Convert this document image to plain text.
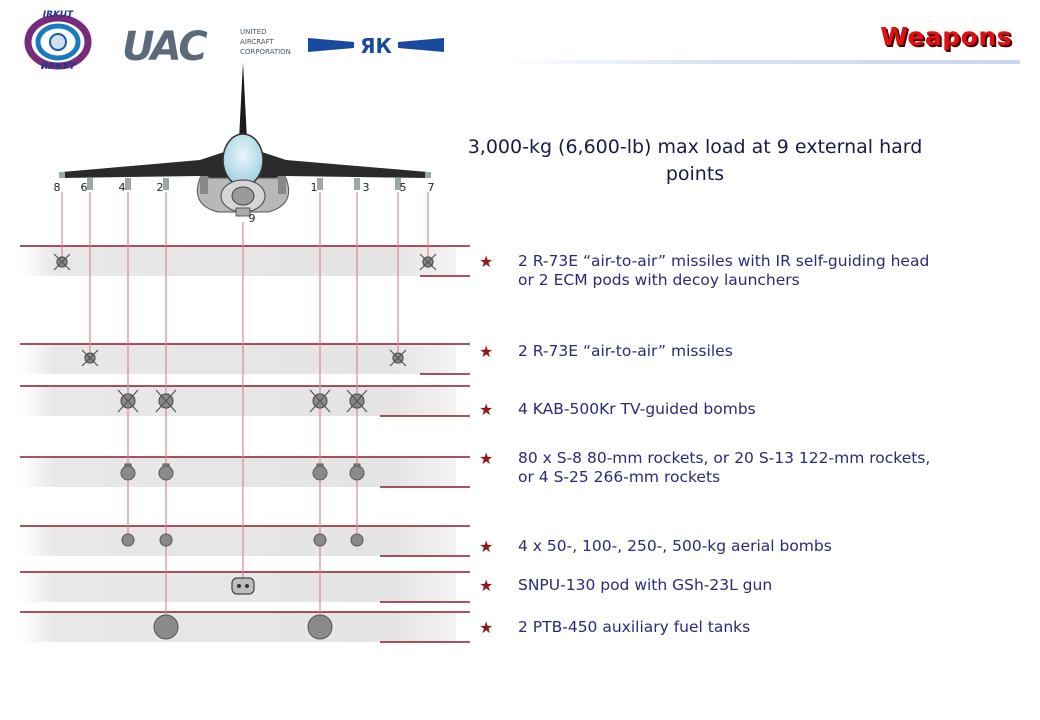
IRKUT
ИРКУТ UAC	UNITED
AIRCRAFT
CORPORATION	ЯК	Weapons
3,000-kg (6,600-lb) max load at 9 external hard
points
8 6	4	2	1	3	5 7
9
★ 2 R-73E “air-to-air” missiles with IR self-guiding head
or 2 ECM pods with decoy launchers
★ 2 R-73E “air-to-air” missiles
★ 4 KAB-500Kr TV-guided bombs
★ 80 x S-8 80-mm rockets, or 20 S-13 122-mm rockets,
or 4 S-25 266-mm rockets
★ 4 x 50-, 100-, 250-, 500-kg aerial bombs
★ SNPU-130 pod with GSh-23L gun
★ 2 PTB-450 auxiliary fuel tanks
